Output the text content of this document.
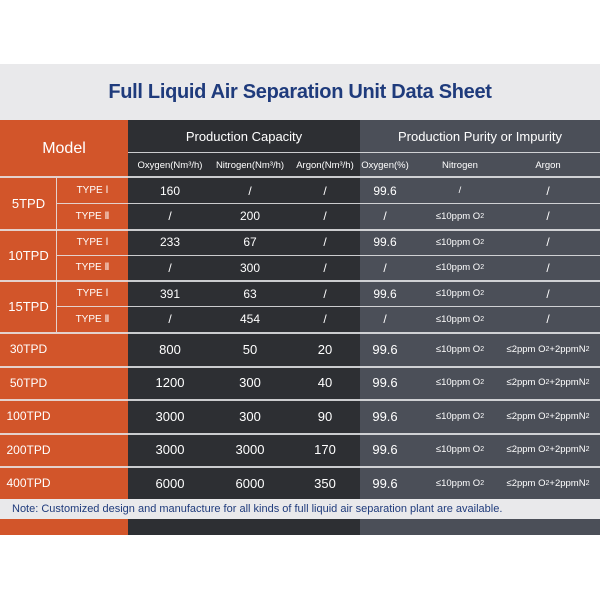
Full Liquid Air Separation Unit Data Sheet
Model
Production Capacity	Production Purity or Impurity
Oxygen(Nm³/h)	Nitrogen(Nm³/h)	Argon(Nm³/h) Oxygen(%)	Nitrogen	Argon
5TPD
TYPE Ⅰ	160	/	/	99.6	/	/
TYPE Ⅱ	/	200	/	/	≤10ppm O 2	/
10TPD
TYPE Ⅰ	233	67	/	99.6	≤10ppm O 2	/
TYPE Ⅱ	/	300	/	/	≤10ppm O 2	/
15TPD
TYPE Ⅰ	391	63	/	99.6	≤10ppm O 2	/
TYPE Ⅱ	/	454	/	/	≤10ppm O 2	/
30TPD	800	50	20	99.6	≤10ppm O 2	≤2ppm O 2 +2ppmN 2
50TPD	1200	300	40	99.6	≤10ppm O 2	≤2ppm O 2 +2ppmN 2
100TPD	3000	300	90	99.6	≤10ppm O 2	≤2ppm O 2 +2ppmN 2
200TPD	3000	3000	170	99.6	≤10ppm O 2	≤2ppm O 2 +2ppmN 2
400TPD	6000	6000	350	99.6	≤10ppm O 2	≤2ppm O 2 +2ppmN 2
Note: Customized design and manufacture for all kinds of full liquid air separation plant are available.
